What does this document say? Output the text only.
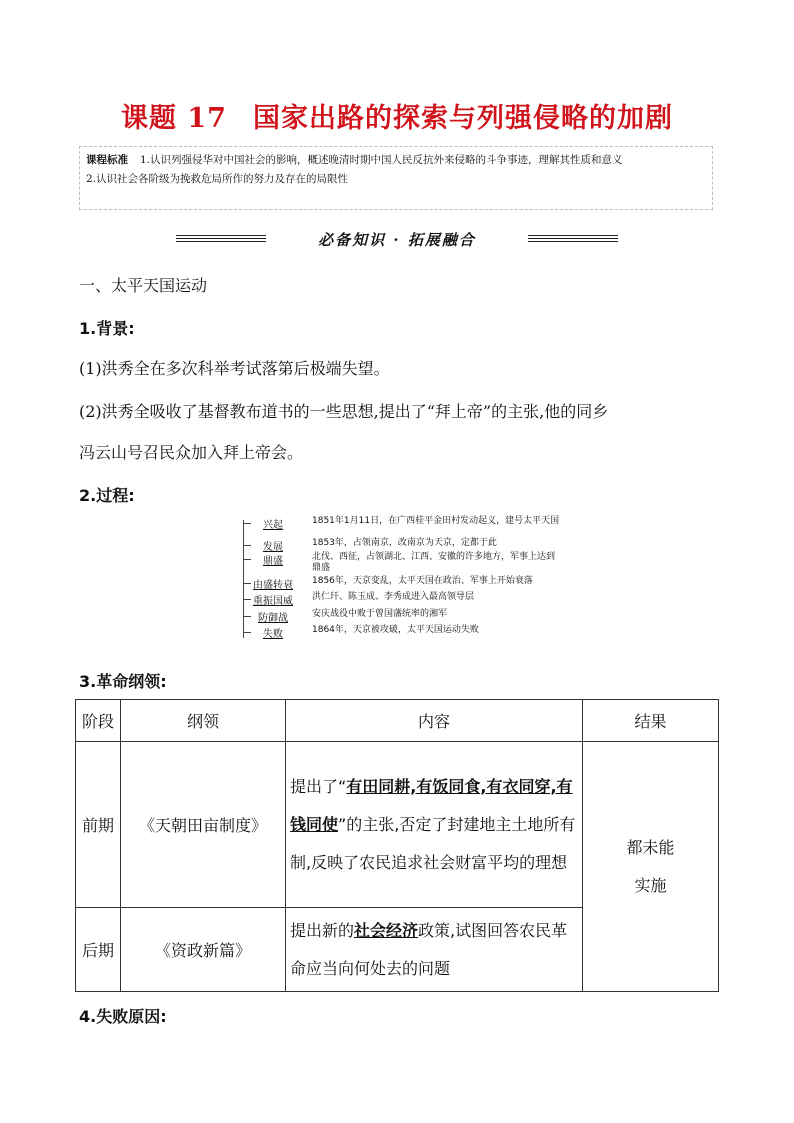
课题 17 国家出路的探索与列强侵略的加剧
课程标准 1.认识列强侵华对中国社会的影响，概述晚清时期中国人民反抗外来侵略的斗争事迹，理解其性质和意义
2.认识社会各阶级为挽救危局所作的努力及存在的局限性
必备知识 · 拓展融合
一、太平天国运动
1.背景:
(1)洪秀全在多次科举考试落第后极端失望。
(2)洪秀全吸收了基督教布道书的一些思想,提出了“拜上帝”的主张,他的同乡
冯云山号召民众加入拜上帝会。
2.过程:
兴起	1851年1月11日，在广西桂平金田村发动起义，建号太平天国
发展	1853年，占领南京，改南京为天京，定都于此
鼎盛	北伐、西征，占领湖北、江西、安徽的许多地方，军事上达到鼎盛
由盛转衰	1856年，天京变乱，太平天国在政治、军事上开始衰落
重振国威	洪仁玕、陈玉成、李秀成进入最高领导层
防御战	安庆战役中败于曾国藩统率的湘军
失败	1864年，天京被攻破，太平天国运动失败
3.革命纲领:
阶段	纲领	内容	结果
前期	《天朝田亩制度》	提出了“有田同耕,有饭同食,有衣同穿,有钱同使”的主张,否定了封建地主土地所有制,反映了农民追求社会财富平均的理想	都未能
实施
后期	《资政新篇》	提出新的社会经济政策,试图回答农民革命应当向何处去的问题	
4.失败原因:
